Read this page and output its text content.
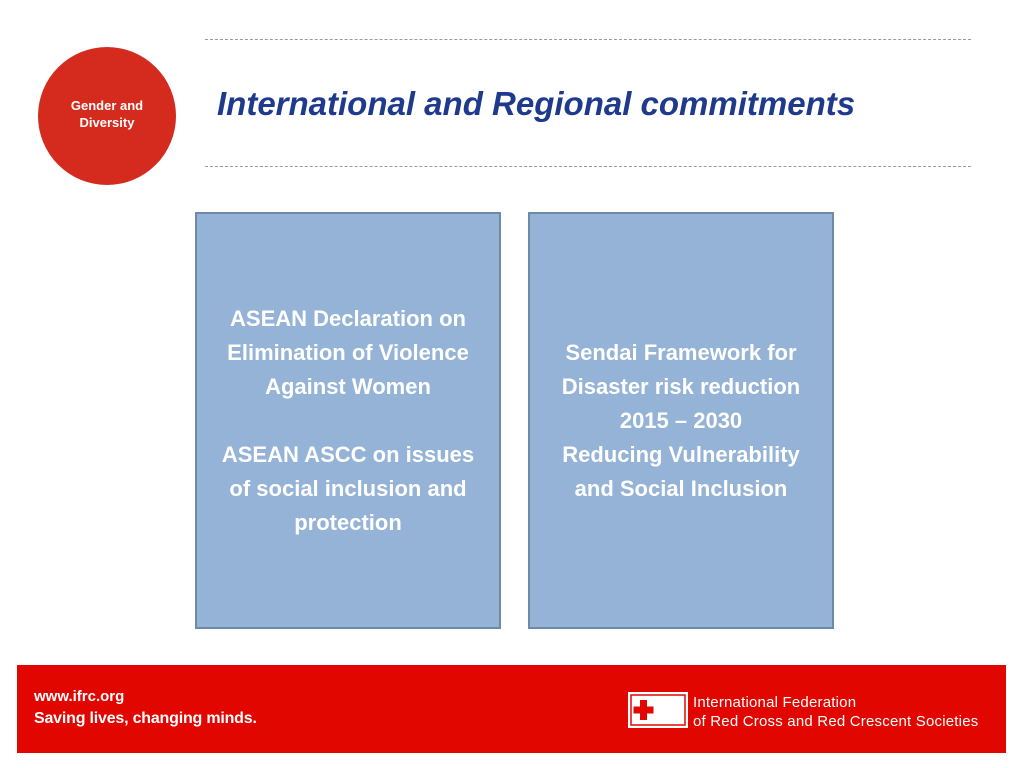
Gender and
Diversity
International and Regional commitments

ASEAN Declaration on
Elimination of Violence
Against Women

ASEAN ASCC on issues
of social inclusion and
protection

Sendai Framework for
Disaster risk reduction
2015 – 2030
Reducing Vulnerability
and Social Inclusion

www.ifrc.org
Saving lives, changing minds.
International Federation
of Red Cross and Red Crescent Societies
